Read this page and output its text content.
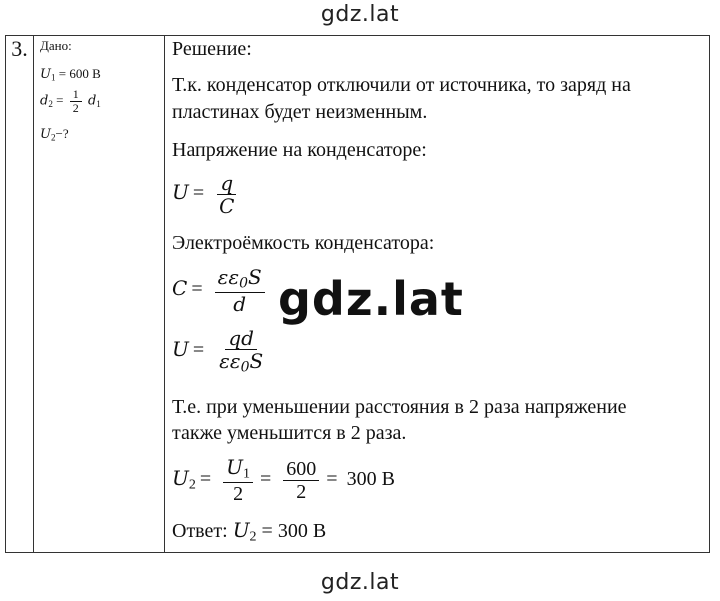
gdz.lat
3.	Дано:
$U_1 = 600$ В
$d_2 = \frac{1}{2} d_1$
$U_2-$?

Решение:
Т.к. конденсатор отключили от источника, то заряд на
пластинах будет неизменным.
Напряжение на конденсаторе:
$U = \frac{q}{C}$
Электроёмкость конденсатора:
$C = \frac{\varepsilon\varepsilon_0S}{d}$
$U = \frac{qd}{\varepsilon\varepsilon_0S}$
Т.е. при уменьшении расстояния в 2 раза напряжение
также уменьшится в 2 раза.
$U_2 = \frac{U_1}{2} = \frac{600}{2} = 300$ В
Ответ: $U_2 = 300$ В
gdz.lat
gdz.lat
